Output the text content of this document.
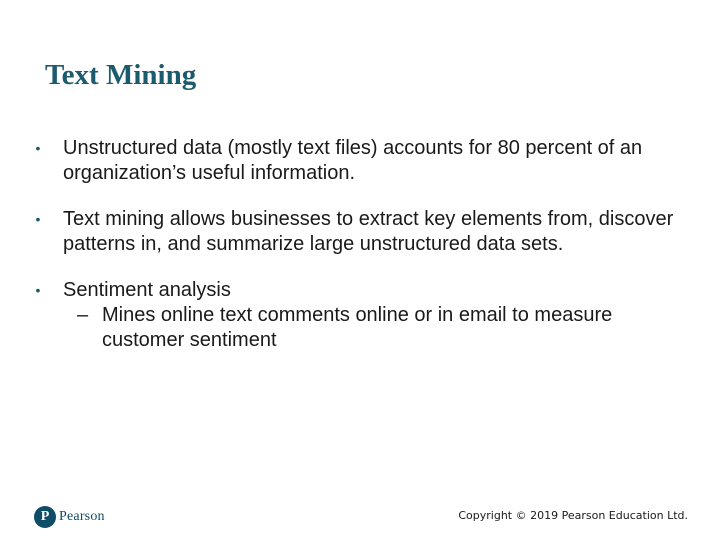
Text Mining
•	Unstructured data (mostly text files) accounts for 80 percent of an organization’s useful information.
•	Text mining allows businesses to extract key elements from, discover patterns in, and summarize large unstructured data sets.
•	Sentiment analysis
– Mines online text comments online or in email to measure customer sentiment
P Pearson	Copyright © 2019 Pearson Education Ltd.
